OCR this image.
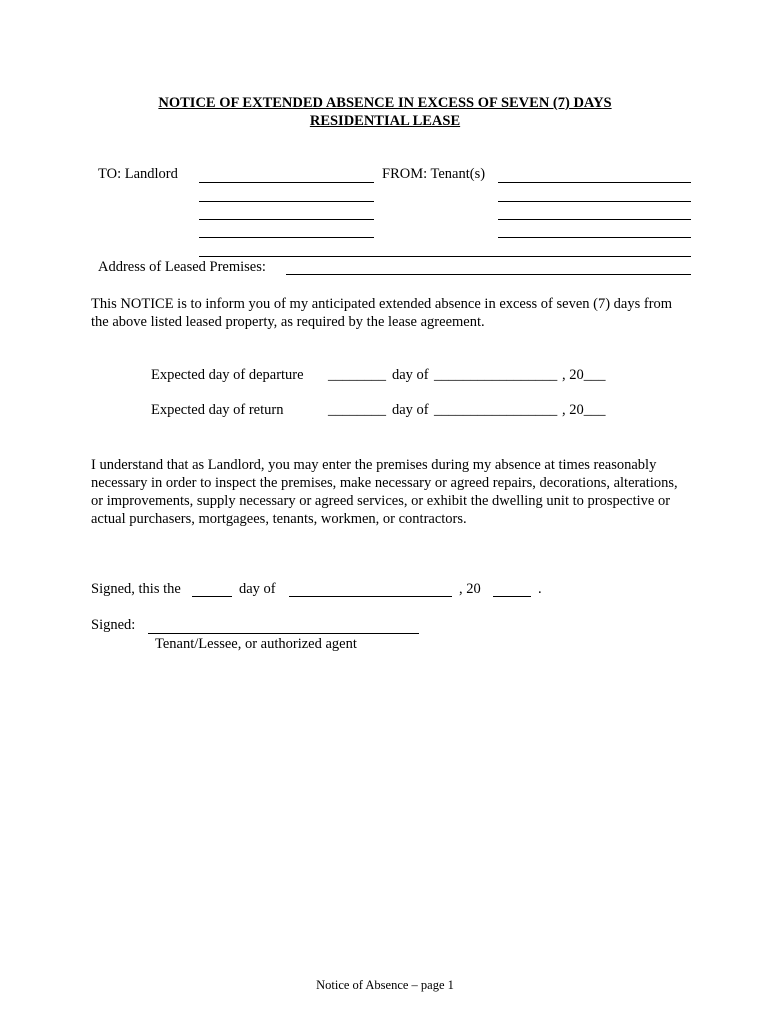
NOTICE OF EXTENDED ABSENCE IN EXCESS OF SEVEN (7) DAYS
RESIDENTIAL LEASE
TO: Landlord	FROM: Tenant(s)
Address of Leased Premises:
This NOTICE is to inform you of my anticipated extended absence in excess of seven (7) days from the above listed leased property, as required by the lease agreement.
Expected day of departure ________ day of _________________ , 20___
Expected day of return	________ day of _________________ , 20___
I understand that as Landlord, you may enter the premises during my absence at times reasonably necessary in order to inspect the premises, make necessary or agreed repairs, decorations, alterations, or improvements, supply necessary or agreed services, or exhibit the dwelling unit to prospective or actual purchasers, mortgagees, tenants, workmen, or contractors.
Signed, this the	day of	, 20	.
Signed:
Tenant/Lessee, or authorized agent
Notice of Absence – page 1
